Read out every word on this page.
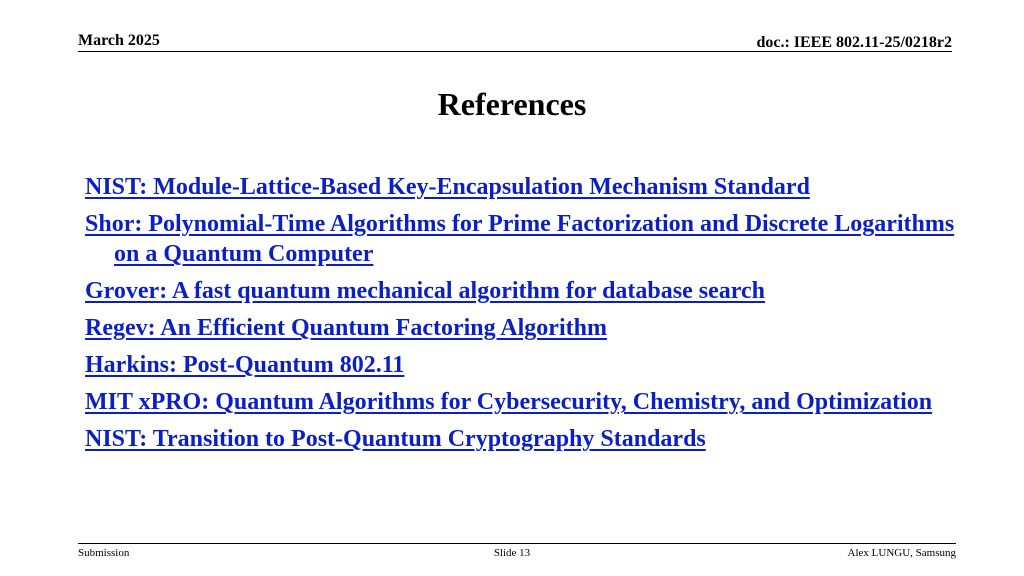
March 2025	doc.: IEEE 802.11-25/0218r2
References
NIST: Module-Lattice-Based Key-Encapsulation Mechanism Standard
Shor: Polynomial-Time Algorithms for Prime Factorization and Discrete Logarithms on a Quantum Computer
Grover: A fast quantum mechanical algorithm for database search
Regev: An Efficient Quantum Factoring Algorithm
Harkins: Post-Quantum 802.11
MIT xPRO: Quantum Algorithms for Cybersecurity, Chemistry, and Optimization
NIST: Transition to Post-Quantum Cryptography Standards
Submission	Slide 13	Alex LUNGU, Samsung
